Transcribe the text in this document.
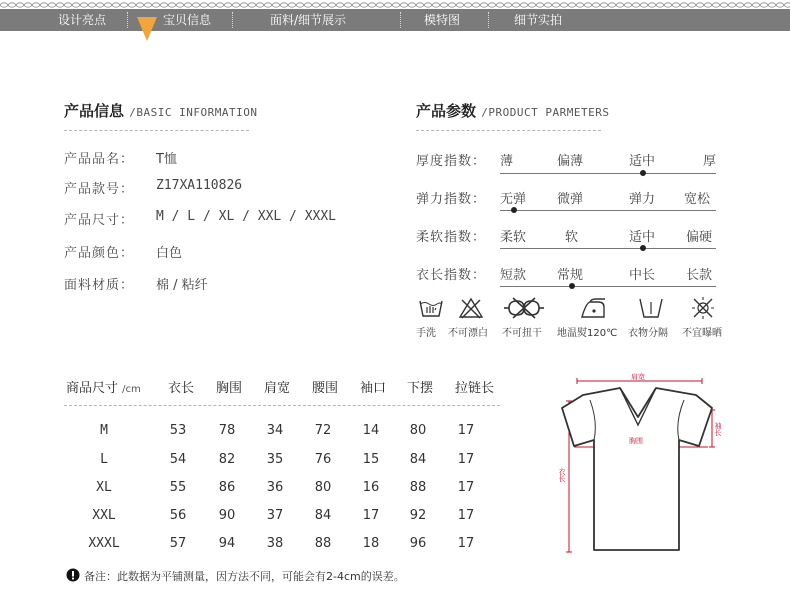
设计亮点	宝贝信息	面料/细节展示	模特图	细节实拍
产品信息 /BASIC INFORMATION
产品品名： T恤
产品款号： Z17XA110826
产品尺寸： M / L / XL / XXL / XXXL
产品颜色： 白色
面料材质： 棉 / 粘纤
产品参数 /PRODUCT PARMETERS
厚度指数： 薄	偏薄	适中	厚
弹力指数： 无弹 微弹	弹力 宽松
柔软指数： 柔软	软	适中 偏硬
衣长指数： 短款 常规	中长 长款
手洗 不可漂白 不可扭干 地温熨120℃ 衣物分隔 不宜曝晒
商品尺寸 /cm 衣长 胸围 肩宽 腰围 袖口 下摆 拉链长
M	53	78	34	72	14	80	17
L	54	82	35	76	15	84	17
XL	55	86	36	80	16	88	17
XXL	56	90	37	84	17	92	17
XXXL	57	94	38	88	18	96	17
备注：此数据为平铺测量，因方法不同，可能会有2-4cm的误差。
肩宽
胸围
袖长
衣长
